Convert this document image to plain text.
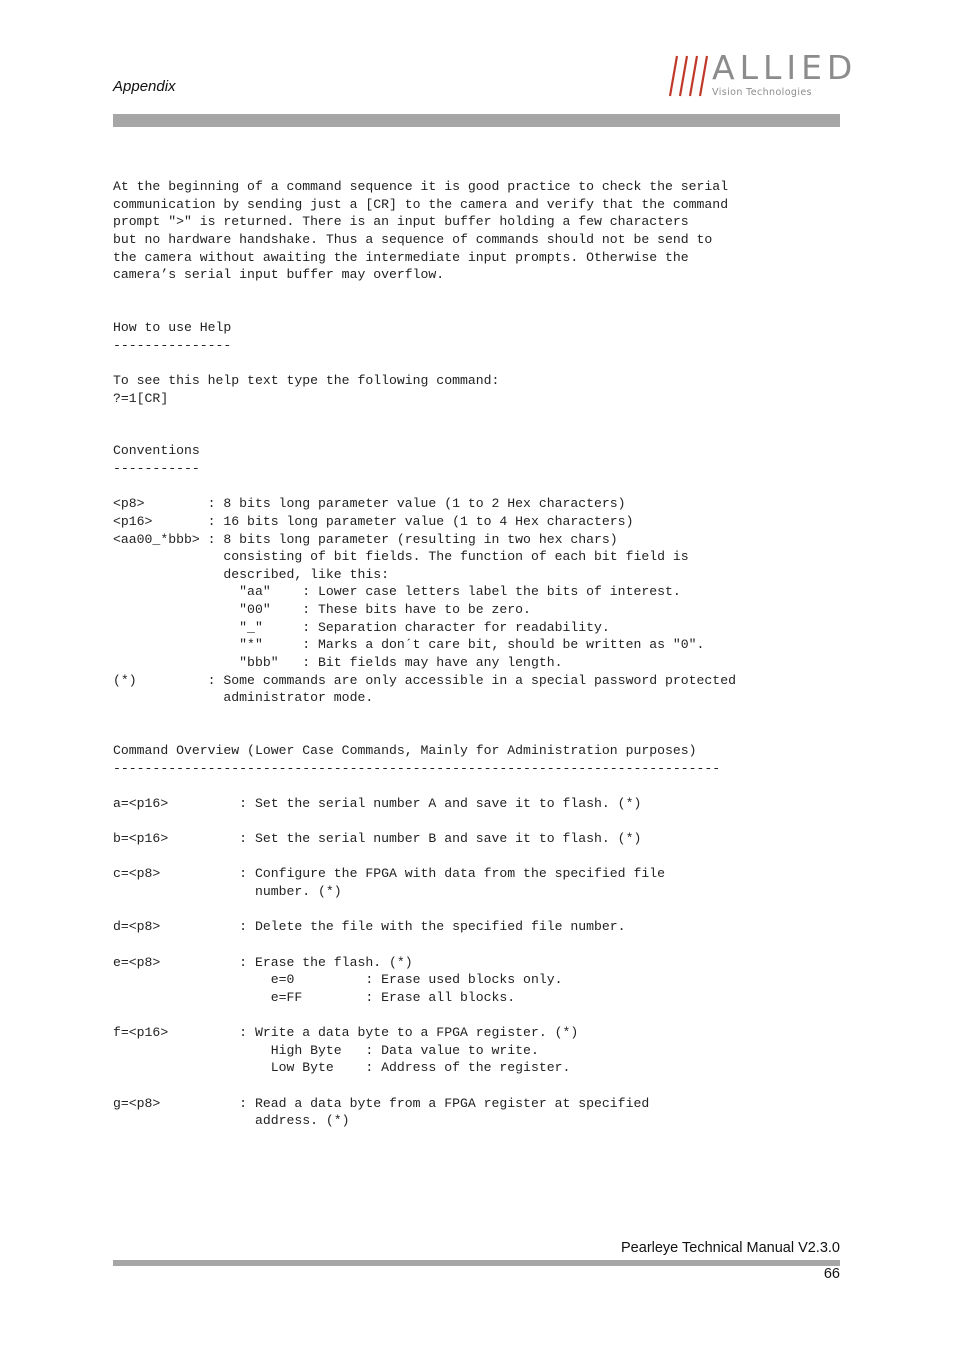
Appendix	ALLIED
Vision Technologies
At the beginning of a command sequence it is good practice to check the serial
communication by sending just a [CR] to the camera and verify that the command
prompt ">" is returned. There is an input buffer holding a few characters
but no hardware handshake. Thus a sequence of commands should not be send to
the camera without awaiting the intermediate input prompts. Otherwise the
camera’s serial input buffer may overflow.

How to use Help
---------------

To see this help text type the following command:
?=1[CR]

Conventions
-----------

<p8>        : 8 bits long parameter value (1 to 2 Hex characters)
<p16>       : 16 bits long parameter value (1 to 4 Hex characters)
<aa00_*bbb> : 8 bits long parameter (resulting in two hex chars)
consisting of bit fields. The function of each bit field is
described, like this:
"aa"    : Lower case letters label the bits of interest.
"00"    : These bits have to be zero.
"_"     : Separation character for readability.
"*"     : Marks a don´t care bit, should be written as "0".
"bbb"   : Bit fields may have any length.
(*)         : Some commands are only accessible in a special password protected
administrator mode.

Command Overview (Lower Case Commands, Mainly for Administration purposes)
-----------------------------------------------------------------------------

a=<p16>         : Set the serial number A and save it to flash. (*)

b=<p16>         : Set the serial number B and save it to flash. (*)

c=<p8>          : Configure the FPGA with data from the specified file
number. (*)

d=<p8>          : Delete the file with the specified file number.

e=<p8>          : Erase the flash. (*)
e=0         : Erase used blocks only.
e=FF        : Erase all blocks.

f=<p16>         : Write a data byte to a FPGA register. (*)
High Byte   : Data value to write.
Low Byte    : Address of the register.

g=<p8>          : Read a data byte from a FPGA register at specified
address. (*)
Pearleye Technical Manual V2.3.0
66
